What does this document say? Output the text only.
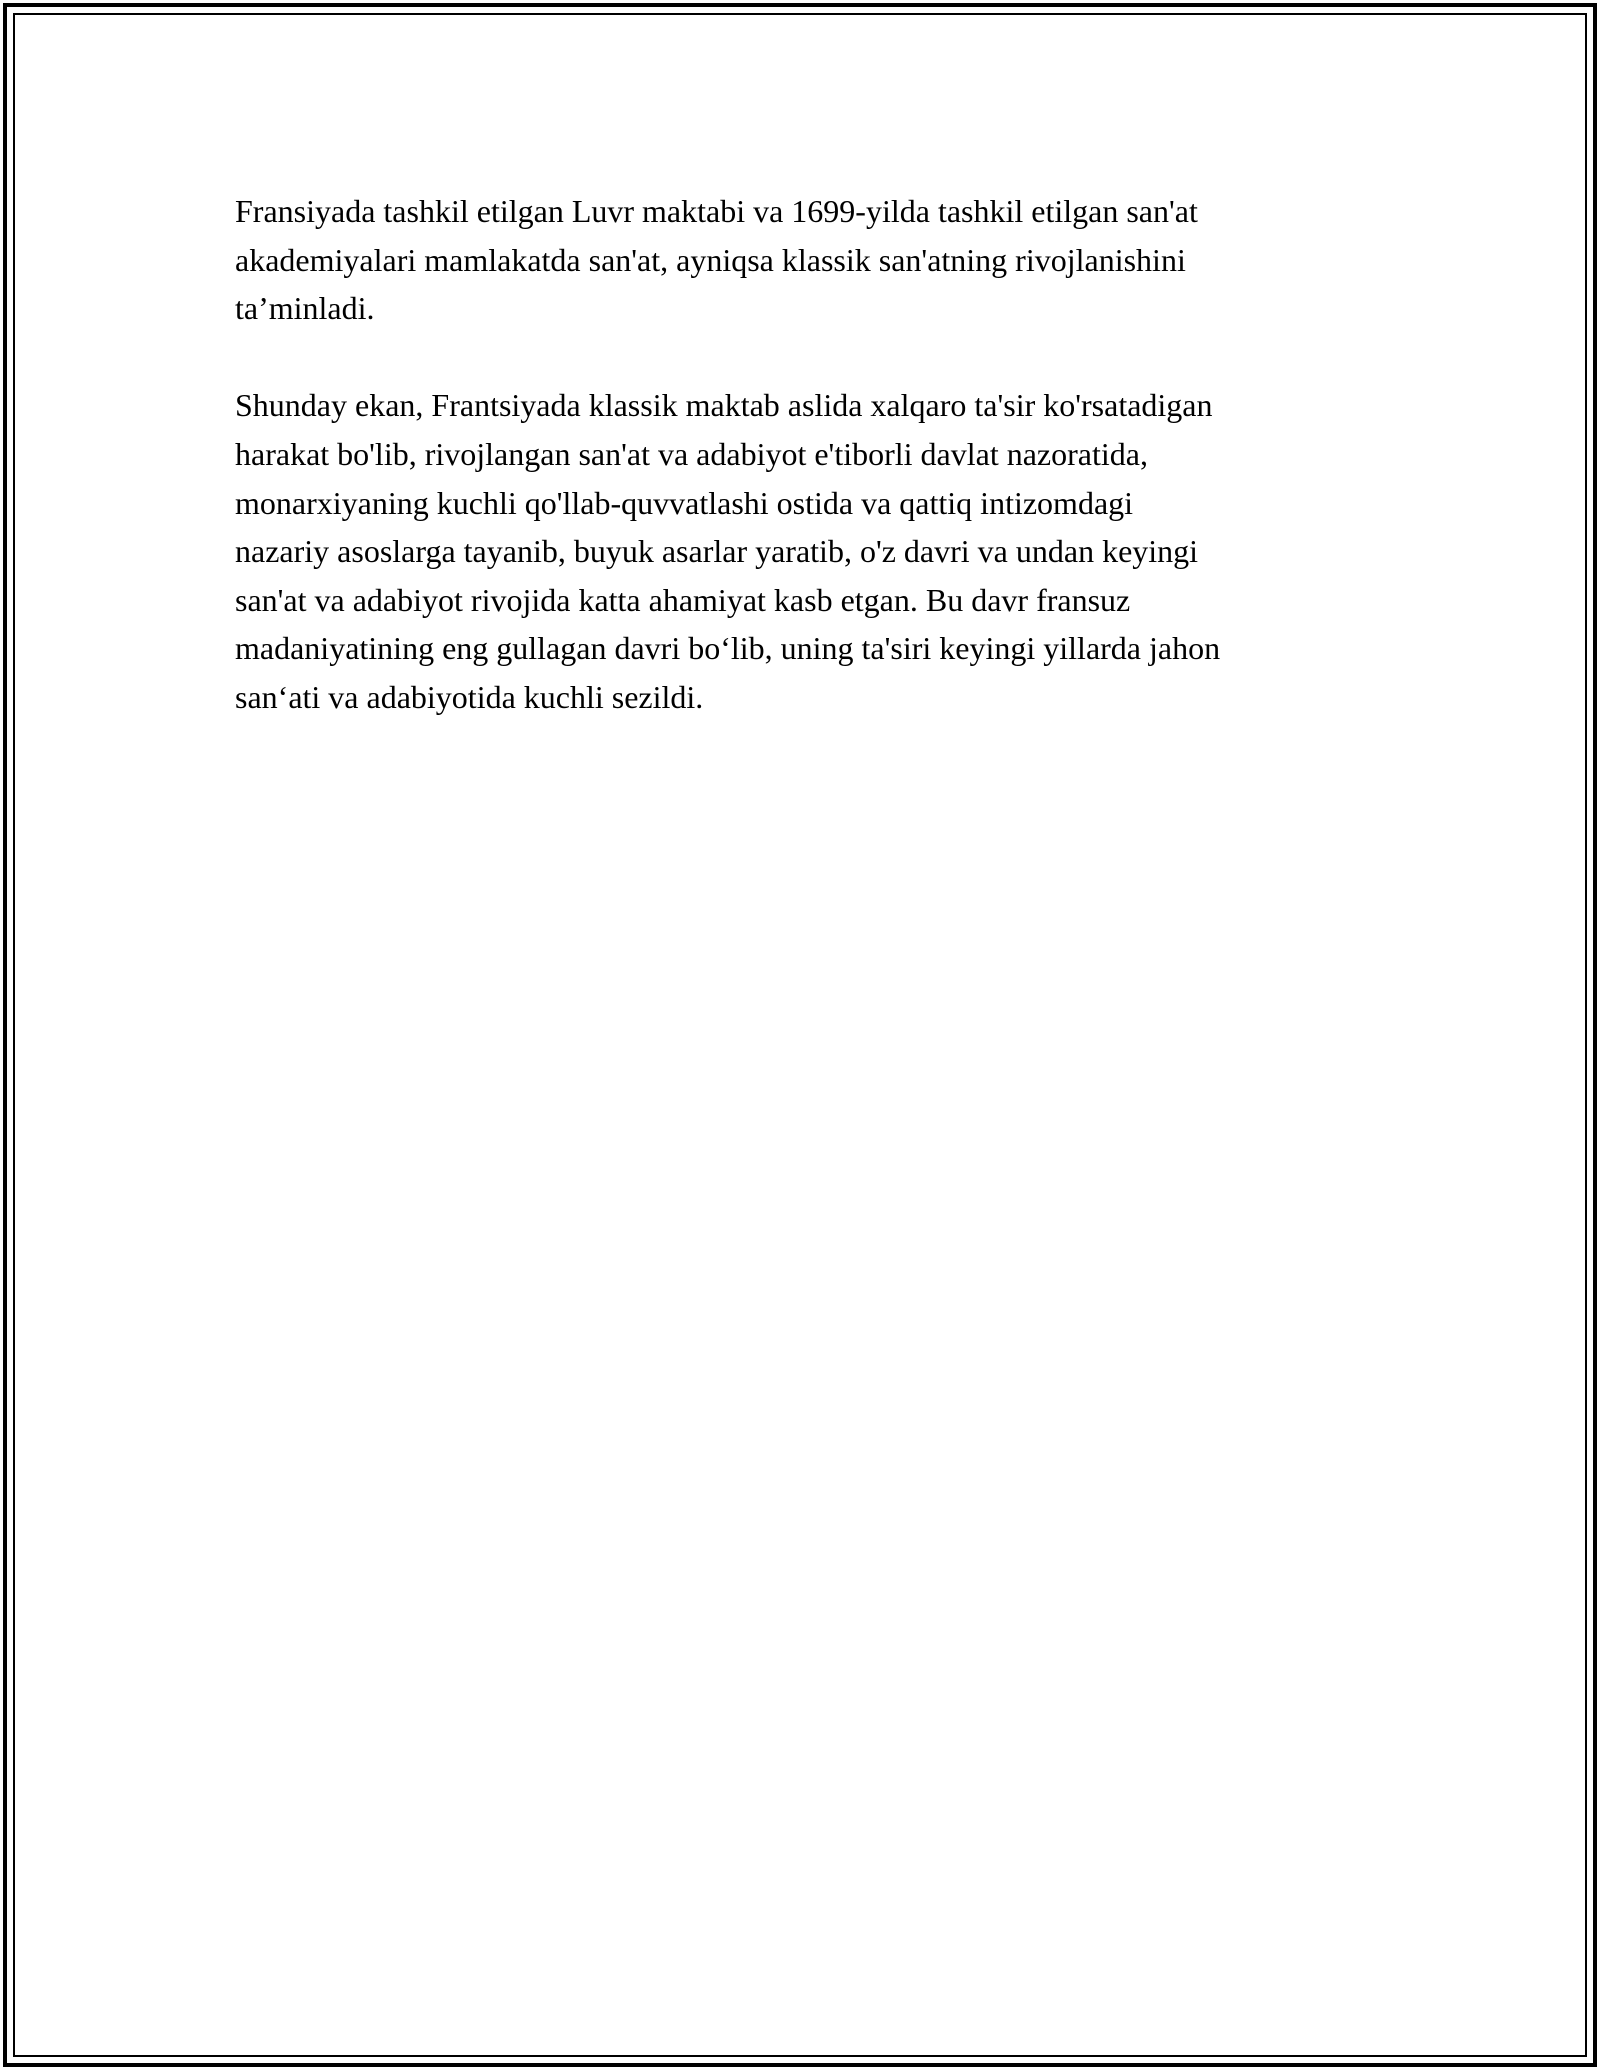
Fransiyada tashkil etilgan Luvr maktabi va 1699-yilda tashkil etilgan san'at
akademiyalari mamlakatda san'at, ayniqsa klassik san'atning rivojlanishini
ta’minladi.

Shunday ekan, Frantsiyada klassik maktab aslida xalqaro ta'sir ko'rsatadigan
harakat bo'lib, rivojlangan san'at va adabiyot e'tiborli davlat nazoratida,
monarxiyaning kuchli qo'llab-quvvatlashi ostida va qattiq intizomdagi
nazariy asoslarga tayanib, buyuk asarlar yaratib, o'z davri va undan keyingi
san'at va adabiyot rivojida katta ahamiyat kasb etgan. Bu davr fransuz
madaniyatining eng gullagan davri bo‘lib, uning ta'siri keyingi yillarda jahon
san‘ati va adabiyotida kuchli sezildi.
